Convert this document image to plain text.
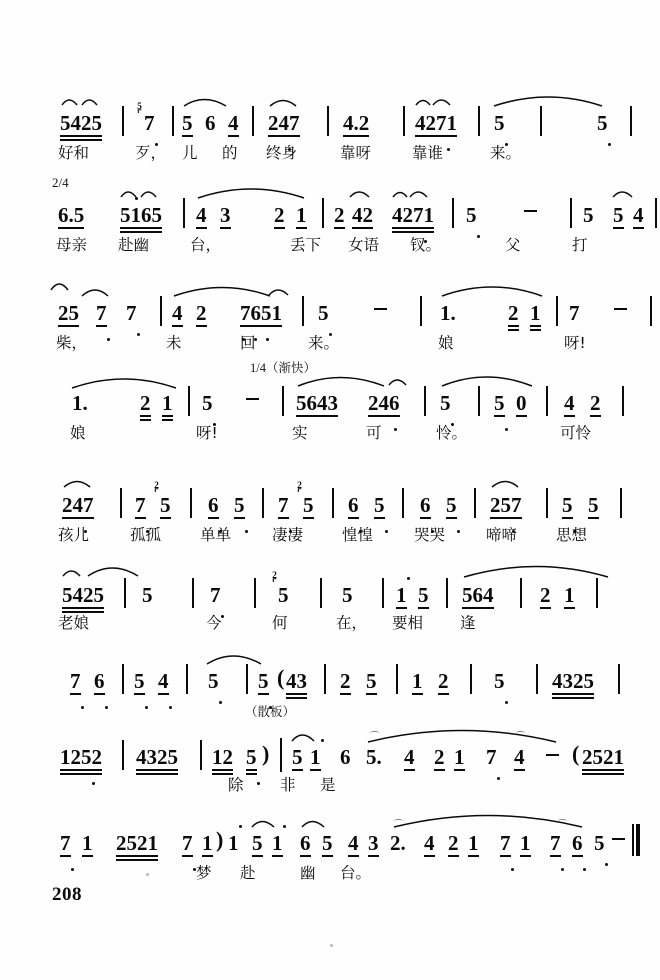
5425
5
⌜ 7 5 6 4 247 4.2 4271 5	5
好和	歹， 儿 的 终身	靠呀	靠谁	来。
2/4
6.5 5165 4 3 2 1 2 42 4271 5	5 5 4
母亲 赴幽	台，	丢下 女语 钗。	父	打
25 7 7 4 2 7651 5	1. 2 1 7
柴，	未	回	来。	娘	呀!
1/4（渐快）
1. 2 1 5	5643 246 5 5 0 4 2
娘	呀!	实	可	怜。	可怜
247 7
2
⌜ 5 6 5 7
2
⌜ 5 6 5 6 5 257 5 5
孩儿	孤孤	单单	凄凄	惶惶	哭哭	啼啼	思想
5425 5	7
2
⌜ 5	5 1 5 564 2 1
老娘	今	何	在， 要相 逢
7 6 5 4 5 5 ( 43 2 5 1 2 5 4325
（散板）
1252 4325 12 5 ) 5 1 6
⌒
5. 4 2 1 7
⌒
4 ( 2521
除 非 是
7 1 2521 7 1 ) 1 5 1 6 5 4 3
⌒
2. 4 2 1 7 1
⌒
7 6 5
梦 赴	幽 台。
208
